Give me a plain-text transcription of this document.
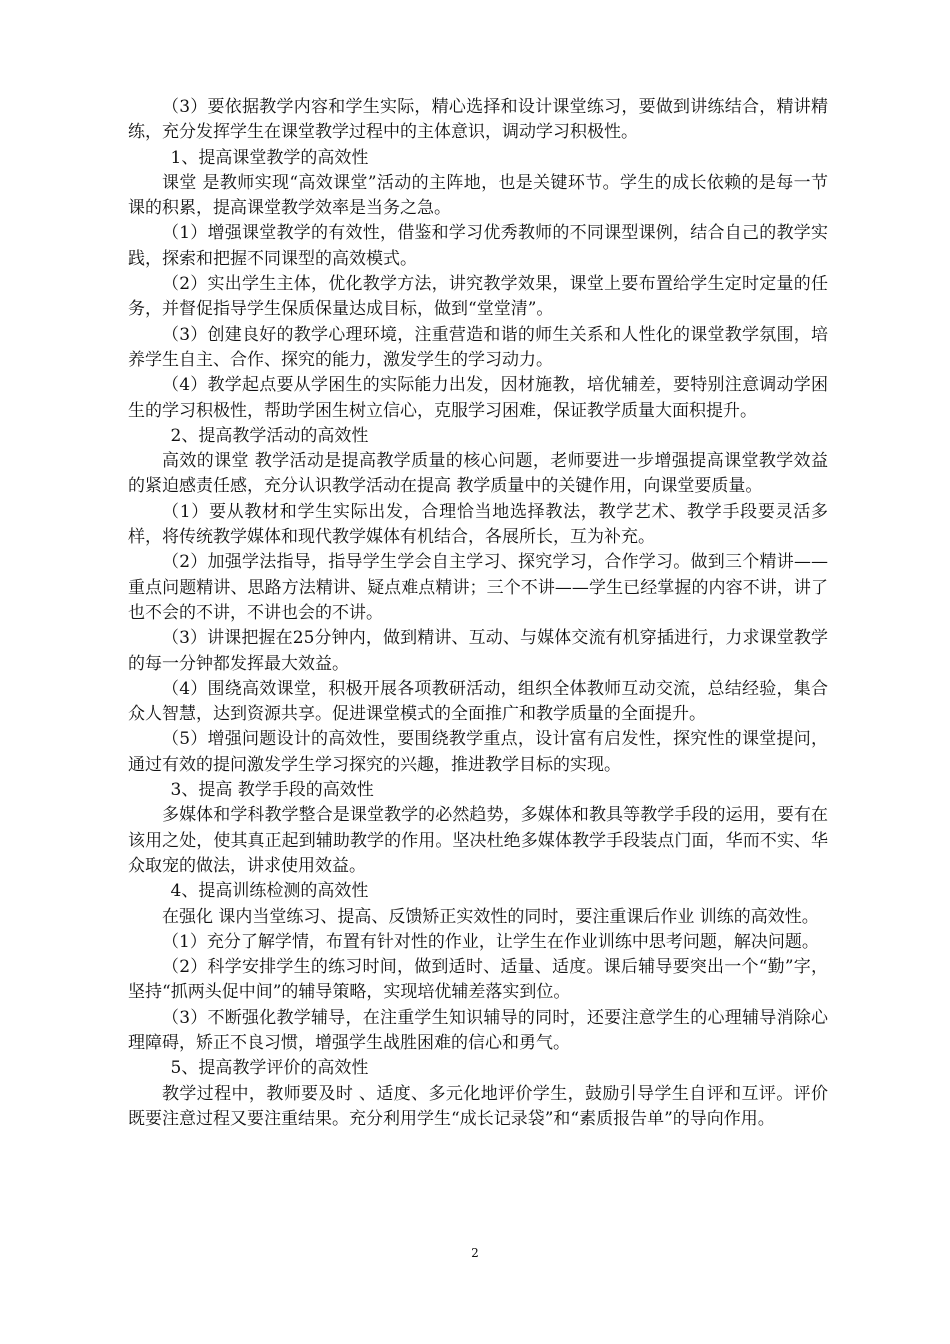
（3）要依据教学内容和学生实际，精心选择和设计课堂练习，要做到讲练结合，精讲精练，充分发挥学生在课堂教学过程中的主体意识，调动学习积极性。

1、提高课堂教学的高效性

课堂 是教师实现“高效课堂”活动的主阵地，也是关键环节。学生的成长依赖的是每一节课的积累，提高课堂教学效率是当务之急。

（1）增强课堂教学的有效性，借鉴和学习优秀教师的不同课型课例，结合自己的教学实践，探索和把握不同课型的高效模式。

（2）实出学生主体，优化教学方法，讲究教学效果，课堂上要布置给学生定时定量的任务，并督促指导学生保质保量达成目标，做到“堂堂清”。

（3）创建良好的教学心理环境，注重营造和谐的师生关系和人性化的课堂教学氛围，培养学生自主、合作、探究的能力，激发学生的学习动力。

（4）教学起点要从学困生的实际能力出发，因材施教，培优辅差，要特别注意调动学困生的学习积极性，帮助学困生树立信心，克服学习困难，保证教学质量大面积提升。

2、提高教学活动的高效性

高效的课堂 教学活动是提高教学质量的核心问题，老师要进一步增强提高课堂教学效益的紧迫感责任感，充分认识教学活动在提高 教学质量中的关键作用，向课堂要质量。

（1）要从教材和学生实际出发，合理恰当地选择教法，教学艺术、教学手段要灵活多样，将传统教学媒体和现代教学媒体有机结合，各展所长，互为补充。

（2）加强学法指导，指导学生学会自主学习、探究学习，合作学习。做到三个精讲——重点问题精讲、思路方法精讲、疑点难点精讲；三个不讲——学生已经掌握的内容不讲，讲了也不会的不讲，不讲也会的不讲。

（3）讲课把握在25分钟内，做到精讲、互动、与媒体交流有机穿插进行，力求课堂教学的每一分钟都发挥最大效益。

（4）围绕高效课堂，积极开展各项教研活动，组织全体教师互动交流，总结经验，集合众人智慧，达到资源共享。促进课堂模式的全面推广和教学质量的全面提升。

（5）增强问题设计的高效性，要围绕教学重点，设计富有启发性，探究性的课堂提问，通过有效的提问激发学生学习探究的兴趣，推进教学目标的实现。

3、提高 教学手段的高效性

多媒体和学科教学整合是课堂教学的必然趋势，多媒体和教具等教学手段的运用，要有在该用之处，使其真正起到辅助教学的作用。坚决杜绝多媒体教学手段装点门面，华而不实、华众取宠的做法，讲求使用效益。

4、提高训练检测的高效性

在强化 课内当堂练习、提高、反馈矫正实效性的同时，要注重课后作业 训练的高效性。

（1）充分了解学情，布置有针对性的作业，让学生在作业训练中思考问题，解决问题。

（2）科学安排学生的练习时间，做到适时、适量、适度。课后辅导要突出一个“勤”字，坚持“抓两头促中间”的辅导策略，实现培优辅差落实到位。

（3）不断强化教学辅导，在注重学生知识辅导的同时，还要注意学生的心理辅导消除心理障碍，矫正不良习惯，增强学生战胜困难的信心和勇气。

5、提高教学评价的高效性

教学过程中，教师要及时 、适度、多元化地评价学生，鼓励引导学生自评和互评。评价既要注意过程又要注重结果。充分利用学生“成长记录袋”和“素质报告单”的导向作用。

2
